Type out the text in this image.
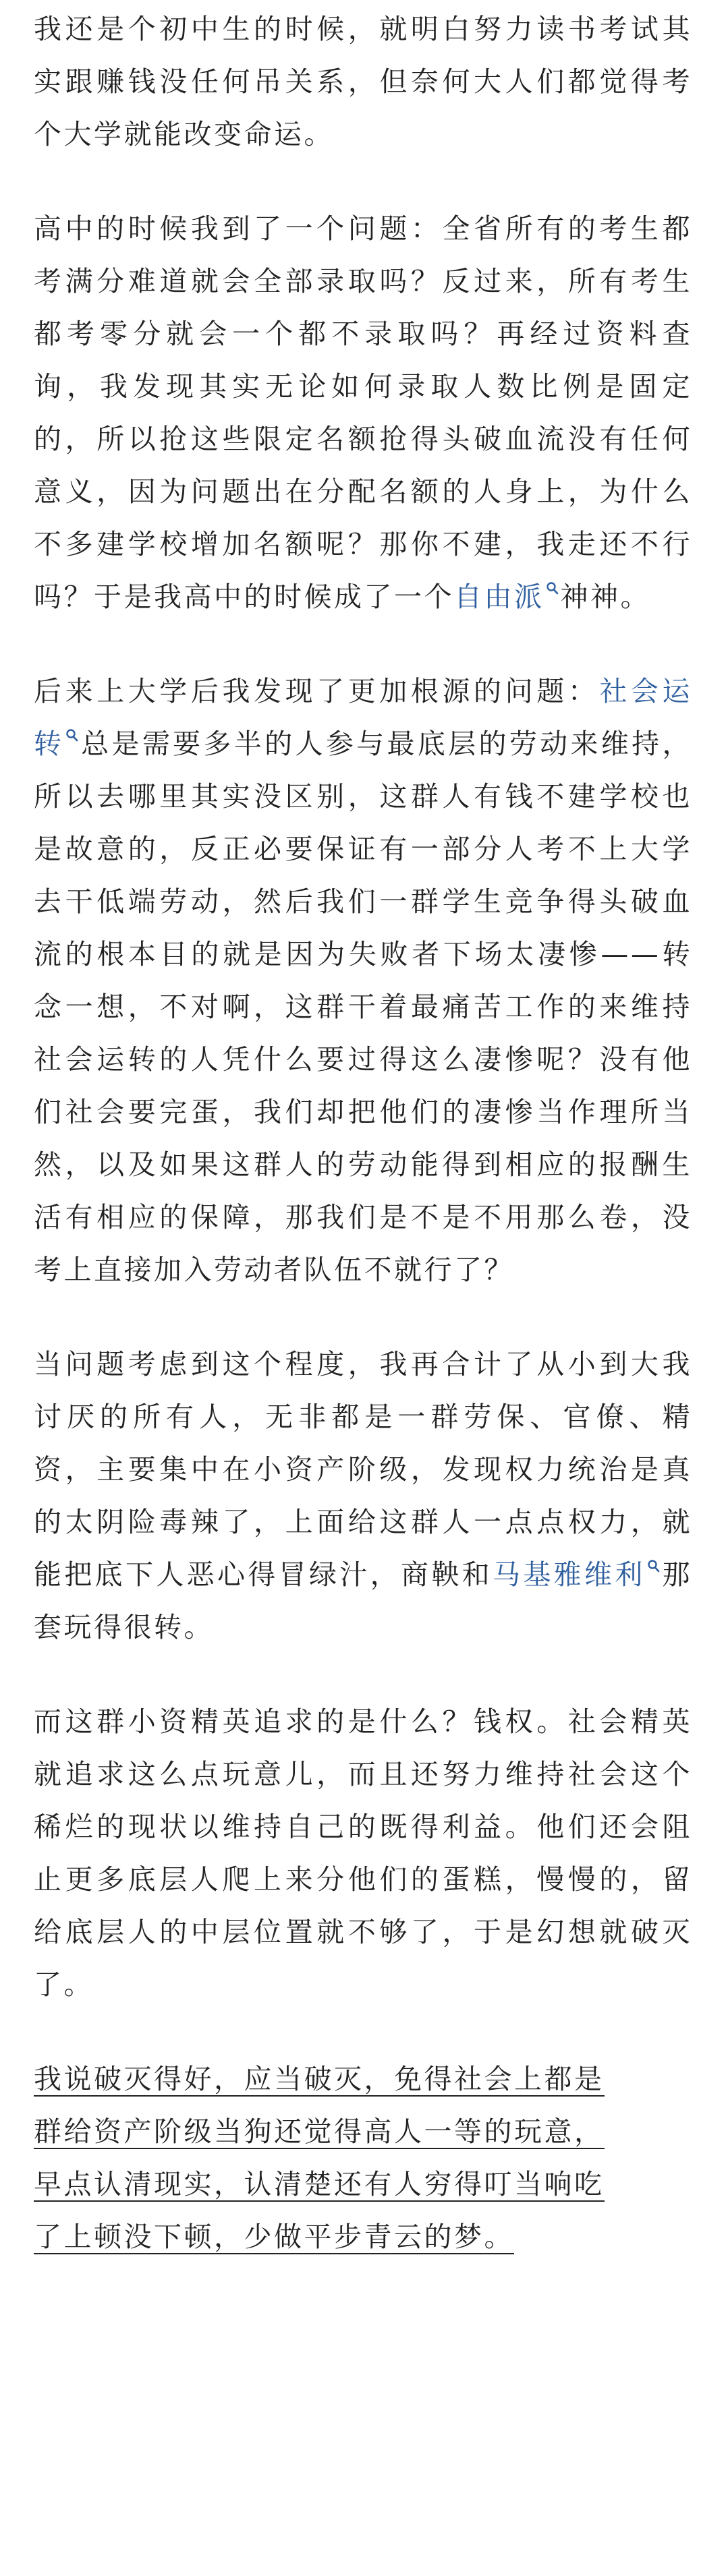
我还是个初中生的时候，就明白努力读书考试其实跟赚钱没任何吊关系，但奈何大人们都觉得考个大学就能改变命运。

高中的时候我到了一个问题：全省所有的考生都考满分难道就会全部录取吗？反过来，所有考生都考零分就会一个都不录取吗？再经过资料查询，我发现其实无论如何录取人数比例是固定的，所以抢这些限定名额抢得头破血流没有任何意义，因为问题出在分配名额的人身上，为什么不多建学校增加名额呢？那你不建，我走还不行吗？于是我高中的时候成了一个自由派 神神。

后来上大学后我发现了更加根源的问题：社会运转 总是需要多半的人参与最底层的劳动来维持，所以去哪里其实没区别，这群人有钱不建学校也是故意的，反正必要保证有一部分人考不上大学去干低端劳动，然后我们一群学生竞争得头破血流的根本目的就是因为失败者下场太凄惨——转念一想，不对啊，这群干着最痛苦工作的来维持社会运转的人凭什么要过得这么凄惨呢？没有他们社会要完蛋，我们却把他们的凄惨当作理所当然，以及如果这群人的劳动能得到相应的报酬生活有相应的保障，那我们是不是不用那么卷，没考上直接加入劳动者队伍不就行了？

当问题考虑到这个程度，我再合计了从小到大我讨厌的所有人，无非都是一群劳保、官僚、精资，主要集中在小资产阶级，发现权力统治是真的太阴险毒辣了，上面给这群人一点点权力，就能把底下人恶心得冒绿汁，商鞅和马基雅维利 那套玩得很转。

而这群小资精英追求的是什么？钱权。社会精英就追求这么点玩意儿，而且还努力维持社会这个稀烂的现状以维持自己的既得利益。他们还会阻止更多底层人爬上来分他们的蛋糕，慢慢的，留给底层人的中层位置就不够了，于是幻想就破灭了。

我说破灭得好，应当破灭，免得社会上都是
群给资产阶级当狗还觉得高人一等的玩意，
早点认清现实，认清楚还有人穷得叮当响吃
了上顿没下顿，少做平步青云的梦。
